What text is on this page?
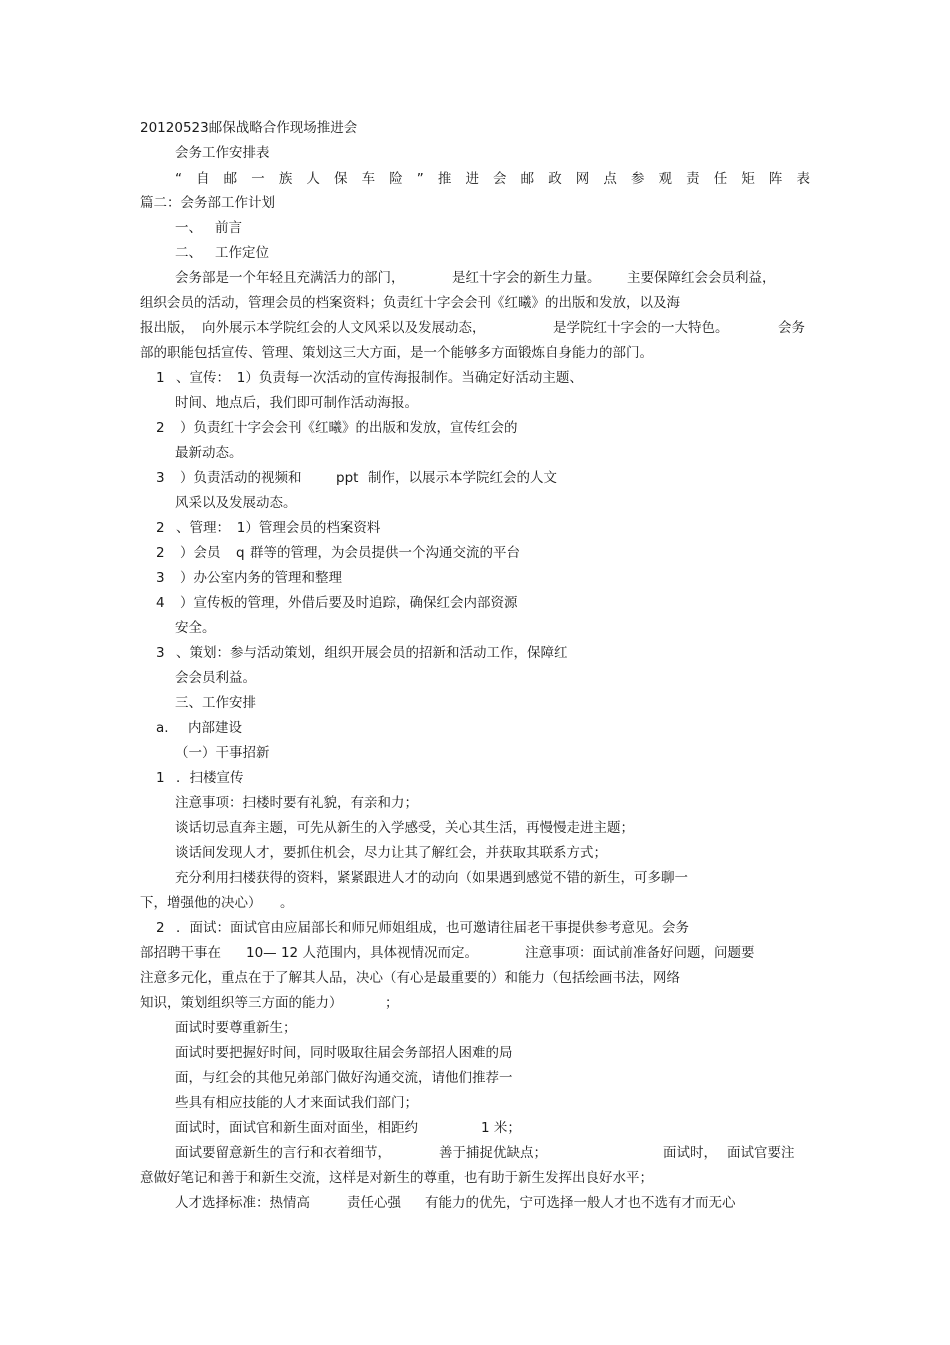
20120523邮保战略合作现场推进会
会务工作安排表
“自邮一族人保车险”推进会邮政网点参观责任矩阵表
篇二：会务部工作计划
一、 前言
二、 工作定位
会务部是一个年轻且充满活力的部门，	是红十字会的新生力量。 主要保障红会会员利益，
组织会员的活动，管理会员的档案资料；负责红十字会会刊《红曦》的出版和发放，以及海
报出版， 向外展示本学院红会的人文风采以及发展动态，	是学院红十字会的一大特色。	会务
部的职能包括宣传、管理、策划这三大方面，是一个能够多方面锻炼自身能力的部门。
1 、宣传：　1）负责每一次活动的宣传海报制作。当确定好活动主题、
时间、地点后，我们即可制作活动海报。
2 ）负责红十字会会刊《红曦》的出版和发放，宣传红会的
最新动态。
3 ）负责活动的视频和	ppt 制作，以展示本学院红会的人文
风采以及发展动态。
2 、管理：　1）管理会员的档案资料
2 ）会员 q 群等的管理，为会员提供一个沟通交流的平台
3 ）办公室内务的管理和整理
4 ）宣传板的管理，外借后要及时追踪，确保红会内部资源
安全。
3 、策划：参与活动策划，组织开展会员的招新和活动工作，保障红
会会员利益。
三、工作安排
a. 内部建设
（一）干事招新
1 ．扫楼宣传
注意事项：扫楼时要有礼貌，有亲和力；
谈话切忌直奔主题，可先从新生的入学感受，关心其生活，再慢慢走进主题；
谈话间发现人才，要抓住机会，尽力让其了解红会，并获取其联系方式；
充分利用扫楼获得的资料，紧紧跟进人才的动向（如果遇到感觉不错的新生，可多聊一
下，增强他的决心） 。
2 ．面试：面试官由应届部长和师兄师姐组成，也可邀请往届老干事提供参考意见。会务
部招聘干事在 10— 12 人范围内，具体视情况而定。	注意事项：面试前准备好问题，问题要
注意多元化，重点在于了解其人品，决心（有心是最重要的）和能力（包括绘画书法，网络
知识，策划组织等三方面的能力）	；
面试时要尊重新生；
面试时要把握好时间，同时吸取往届会务部招人困难的局
面，与红会的其他兄弟部门做好沟通交流，请他们推荐一
些具有相应技能的人才来面试我们部门；
面试时，面试官和新生面对面坐，相距约	1 米；
面试要留意新生的言行和衣着细节，	善于捕捉优缺点；	面试时， 面试官要注
意做好笔记和善于和新生交流，这样是对新生的尊重，也有助于新生发挥出良好水平；
人才选择标准：热情高	责任心强 有能力的优先，宁可选择一般人才也不选有才而无心
